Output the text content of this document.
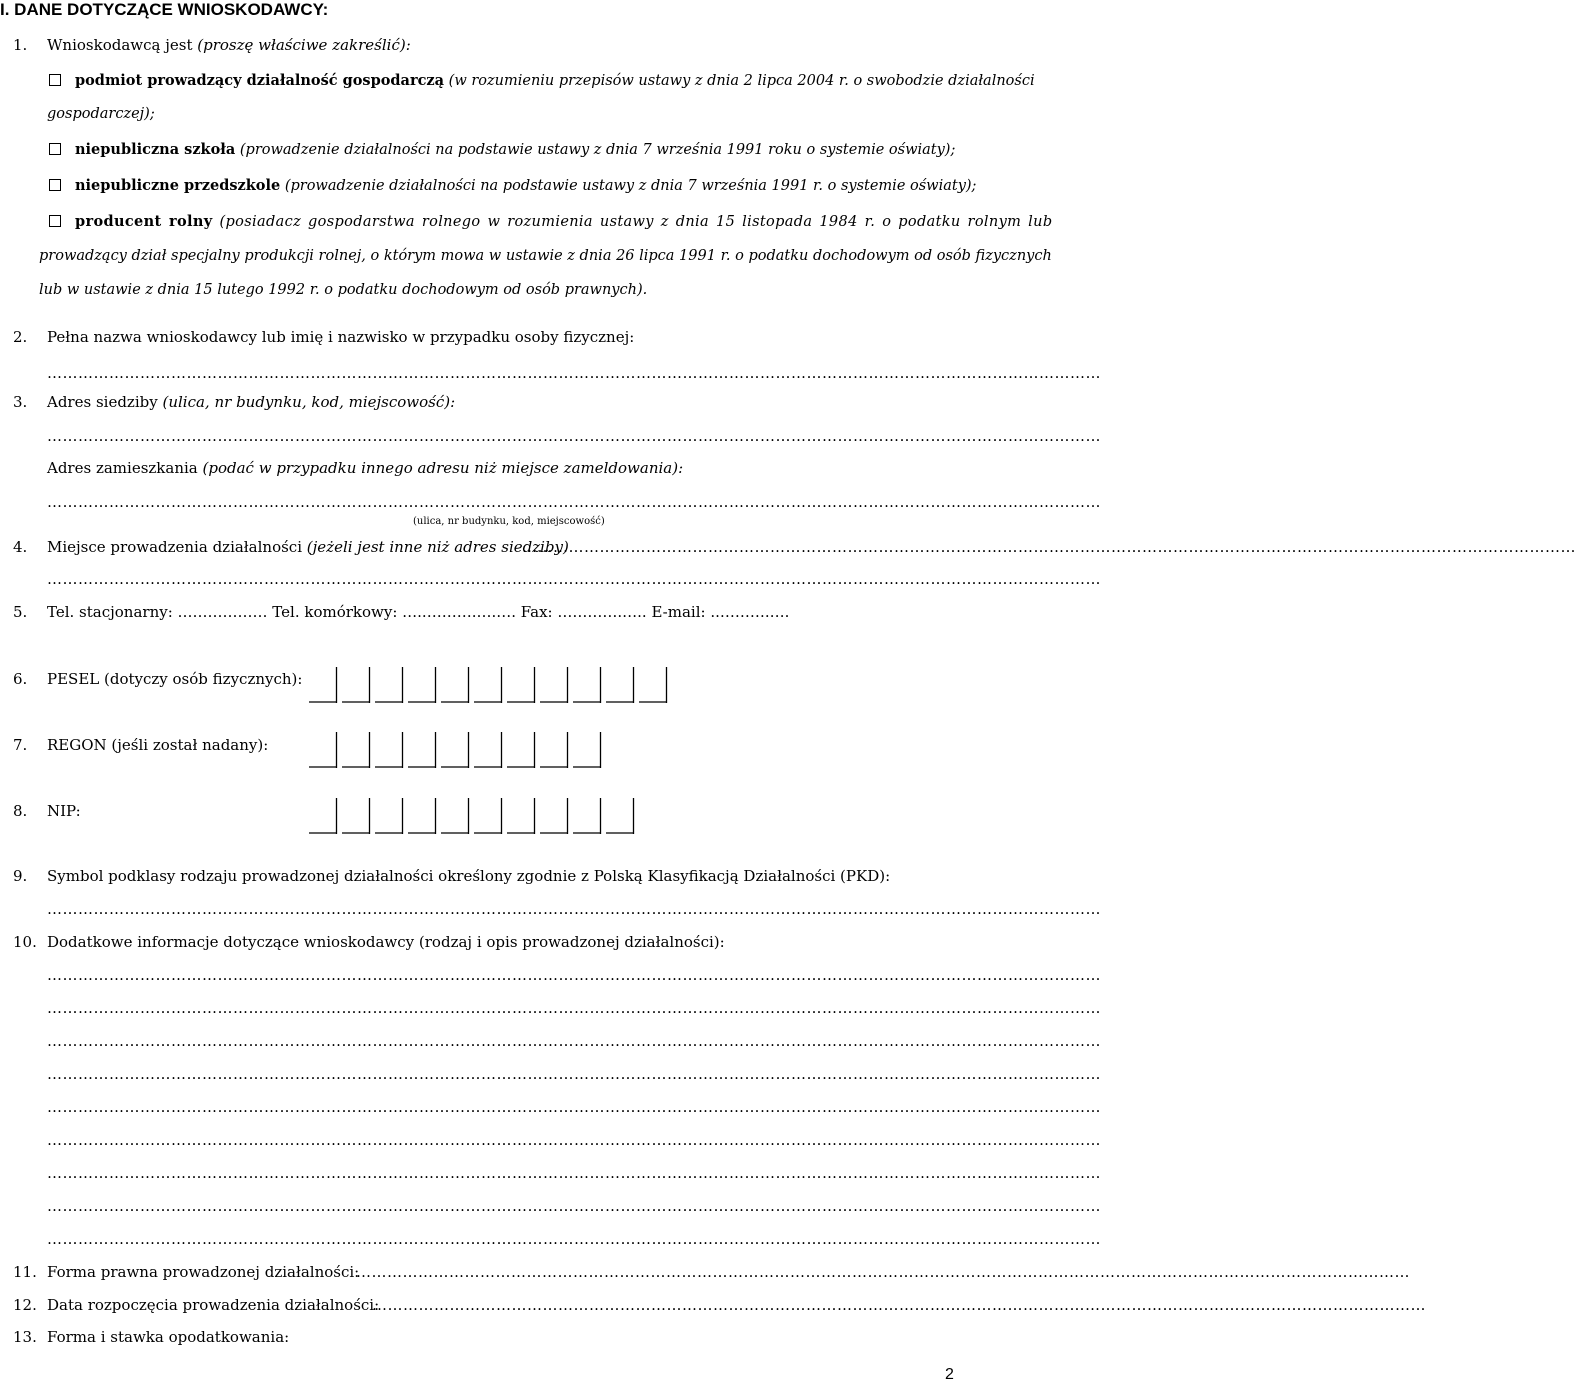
I. DANE DOTYCZĄCE WNIOSKODAWCY:
1. Wnioskodawcą jest (proszę właściwe zakreślić):
podmiot prowadzący działalność gospodarczą (w rozumieniu przepisów ustawy z dnia 2 lipca 2004 r. o swobodzie działalności
gospodarczej);
niepubliczna szkoła (prowadzenie działalności na podstawie ustawy z dnia 7 września 1991 roku o systemie oświaty);
niepubliczne przedszkole (prowadzenie działalności na podstawie ustawy z dnia 7 września 1991 r. o systemie oświaty);
producent rolny (posiadacz gospodarstwa rolnego w rozumienia ustawy z dnia 15 listopada 1984 r. o podatku rolnym lub
prowadzący dział specjalny produkcji rolnej, o którym mowa w ustawie z dnia 26 lipca 1991 r. o podatku dochodowym od osób fizycznych
lub w ustawie z dnia 15 lutego 1992 r. o podatku dochodowym od osób prawnych).
2. Pełna nazwa wnioskodawcy lub imię i nazwisko w przypadku osoby fizycznej:
……………………………………………………………………………………………………………………………………………………………………………………
3. Adres siedziby (ulica, nr budynku, kod, miejscowość):
……………………………………………………………………………………………………………………………………………………………………………………
Adres zamieszkania (podać w przypadku innego adresu niż miejsce zameldowania):
……………………………………………………………………………………………………………………………………………………………………………………
(ulica, nr budynku, kod, miejscowość)
4. Miejsce prowadzenia działalności (jeżeli jest inne niż adres siedziby)
……………………………………………………………………………………………………………………………………………………………………………………
……………………………………………………………………………………………………………………………………………………………………………………
5. Tel. stacjonarny: ……………… Tel. komórkowy: …..……….….…. Fax: ………….….. E-mail: ..……….….
6. PESEL (dotyczy osób fizycznych):
7. REGON (jeśli został nadany):
8. NIP:
9. Symbol podklasy rodzaju prowadzonej działalności określony zgodnie z Polską Klasyfikacją Działalności (PKD):
……………………………………………………………………………………………………………………………………………………………………………………
10. Dodatkowe informacje dotyczące wnioskodawcy (rodzaj i opis prowadzonej działalności):
……………………………………………………………………………………………………………………………………………………………………………………
……………………………………………………………………………………………………………………………………………………………………………………
……………………………………………………………………………………………………………………………………………………………………………………
……………………………………………………………………………………………………………………………………………………………………………………
……………………………………………………………………………………………………………………………………………………………………………………
……………………………………………………………………………………………………………………………………………………………………………………
……………………………………………………………………………………………………………………………………………………………………………………
……………………………………………………………………………………………………………………………………………………………………………………
……………………………………………………………………………………………………………………………………………………………………………………
11. Forma prawna prowadzonej działalności:
……………………………………………………………………………………………………………………………………………………………………………………
12. Data rozpoczęcia prowadzenia działalności:
……………………………………………………………………………………………………………………………………………………………………………………
13. Forma i stawka opodatkowania:
2
